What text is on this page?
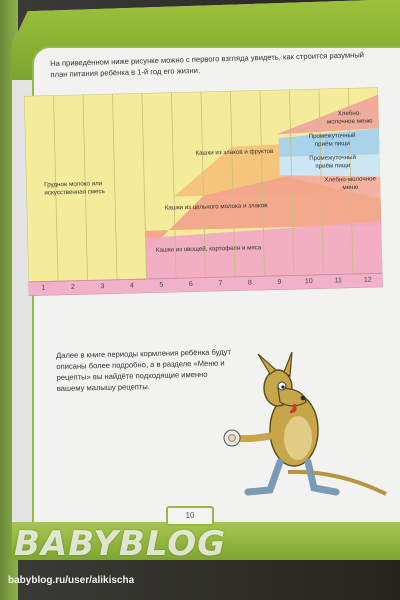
На приведённом ниже рисунке можно с первого взгляда увидеть, как строится разумный план питания ребёнка в 1-й год его жизни.

Грудное молоко или искусственная смесь

Кашки из злаков и фруктов

Кашки из цельного молока и злаков

Кашки из овощей, картофеля и мяса

Промежуточный приём пищи

Промежуточный приём пищи

Хлебно-молочное меню

Хлебно-молочное меню

1	2	3	4	5	6	7	8	9	10	11	12

Далее в книге периоды кормления ребёнка будут описаны более подробно, а в разделе «Меню и рецепты» вы найдёте подходящие именно вашему малышу рецепты.

10

BABYBLOG

babyblog.ru/user/alikischa
